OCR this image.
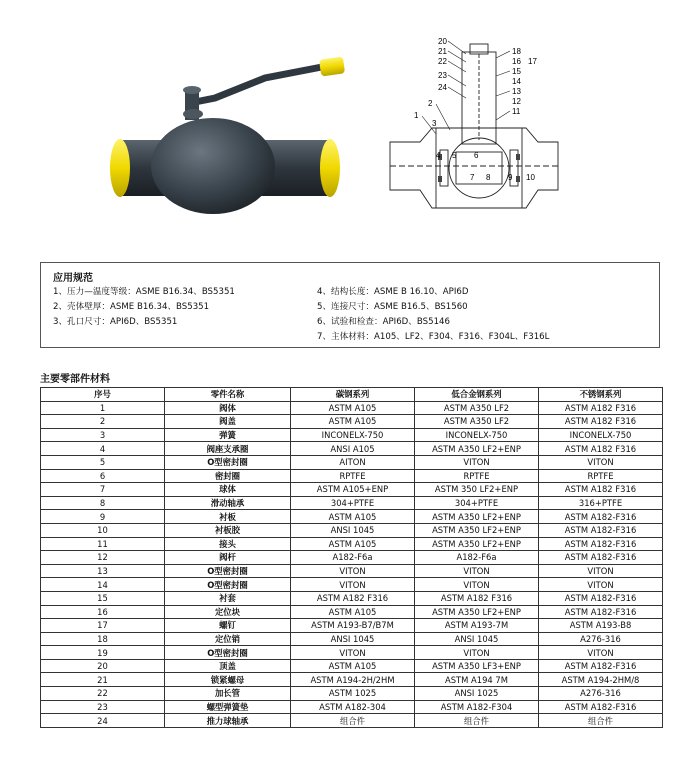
20
21
22
23
24
18
16
15
14
13
12
11
17
2
1
3
4 5 6
7 8 9 10
应用规范
1、压力—温度等级：ASME B16.34、BS5351
2、壳体壁厚：ASME B16.34、BS5351
3、孔口尺寸：API6D、BS5351
4、结构长度：ASME B 16.10、API6D
5、连接尺寸：ASME B16.5、BS1560
6、试验和检查：API6D、BS5146
7、主体材料：A105、LF2、F304、F316、F304L、F316L
主要零部件材料
序号	零件名称	碳钢系列	低合金钢系列	不锈钢系列
1	阀体	ASTM A105	ASTM A350 LF2	ASTM A182 F316
2	阀盖	ASTM A105	ASTM A350 LF2	ASTM A182 F316
3	弹簧	INCONELX-750	INCONELX-750	INCONELX-750
4	阀座支承圈	ANSI A105	ASTM A350 LF2+ENP	ASTM A182 F316
5	O型密封圈	AITON	VITON	VITON
6	密封圈	RPTFE	RPTFE	RPTFE
7	球体	ASTM A105+ENP	ASTM 350 LF2+ENP	ASTM A182 F316
8	滑动轴承	304+PTFE	304+PTFE	316+PTFE
9	衬板	ASTM A105	ASTM A350 LF2+ENP	ASTM A182-F316
10	衬板胶	ANSI 1045	ASTM A350 LF2+ENP	ASTM A182-F316
11	接头	ASTM A105	ASTM A350 LF2+ENP	ASTM A182-F316
12	阀杆	A182-F6a	A182-F6a	ASTM A182-F316
13	O型密封圈	VITON	VITON	VITON
14	O型密封圈	VITON	VITON	VITON
15	衬套	ASTM A182 F316	ASTM A182 F316	ASTM A182-F316
16	定位块	ASTM A105	ASTM A350 LF2+ENP	ASTM A182-F316
17	螺钉	ASTM A193-B7/B7M	ASTM A193-7M	ASTM A193-B8
18	定位销	ANSI 1045	ANSI 1045	A276-316
19	O型密封圈	VITON	VITON	VITON
20	顶盖	ASTM A105	ASTM A350 LF3+ENP	ASTM A182-F316
21	锁紧螺母	ASTM A194-2H/2HM	ASTM A194 7M	ASTM A194-2HM/8
22	加长管	ASTM 1025	ANSI 1025	A276-316
23	螺型弹簧垫	ASTM A182-304	ASTM A182-F304	ASTM A182-F316
24	推力球轴承	组合件	组合件	组合件
